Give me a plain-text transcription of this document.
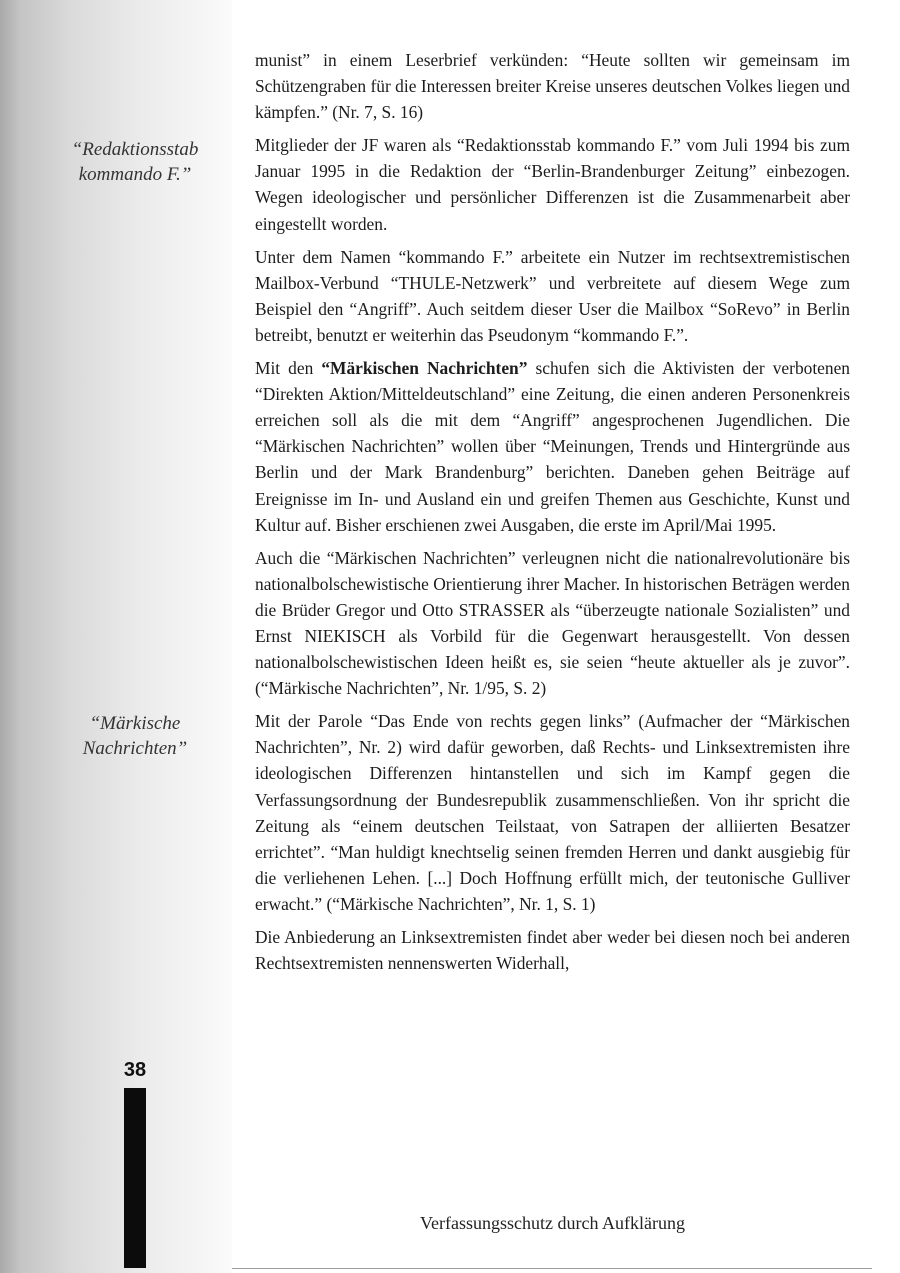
“Redaktionsstab
kommando F.”
“Märkische
Nachrichten”
38

munist” in einem Leserbrief verkünden: “Heute sollten wir gemeinsam im Schützengraben für die Interessen breiter Kreise unseres deutschen Volkes liegen und kämpfen.” (Nr. 7, S. 16)

Mitglieder der JF waren als “Redaktionsstab kommando F.” vom Juli 1994 bis zum Januar 1995 in die Redaktion der “Berlin-Brandenburger Zeitung” einbezogen. Wegen ideologischer und persönlicher Differenzen ist die Zusammenarbeit aber eingestellt worden.

Unter dem Namen “kommando F.” arbeitete ein Nutzer im rechtsextremistischen Mailbox-Verbund “THULE-Netzwerk” und verbreitete auf diesem Wege zum Beispiel den “Angriff”. Auch seitdem dieser User die Mailbox “SoRevo” in Berlin betreibt, benutzt er weiterhin das Pseudonym “kommando F.”.

Mit den “Märkischen Nachrichten” schufen sich die Aktivisten der verbotenen “Direkten Aktion/Mitteldeutschland” eine Zeitung, die einen anderen Personenkreis erreichen soll als die mit dem “Angriff” angesprochenen Jugendlichen. Die “Märkischen Nachrichten” wollen über “Meinungen, Trends und Hintergründe aus Berlin und der Mark Brandenburg” berichten. Daneben gehen Beiträge auf Ereignisse im In- und Ausland ein und greifen Themen aus Geschichte, Kunst und Kultur auf. Bisher erschienen zwei Ausgaben, die erste im April/Mai 1995.

Auch die “Märkischen Nachrichten” verleugnen nicht die nationalrevolutionäre bis nationalbolschewistische Orientierung ihrer Macher. In historischen Beträgen werden die Brüder Gregor und Otto STRASSER als “überzeugte nationale Sozialisten” und Ernst NIEKISCH als Vorbild für die Gegenwart herausgestellt. Von dessen nationalbolschewistischen Ideen heißt es, sie seien “heute aktueller als je zuvor”. (“Märkische Nachrichten”, Nr. 1/95, S. 2)

Mit der Parole “Das Ende von rechts gegen links” (Aufmacher der “Märkischen Nachrichten”, Nr. 2) wird dafür geworben, daß Rechts- und Linksextremisten ihre ideologischen Differenzen hintanstellen und sich im Kampf gegen die Verfassungsordnung der Bundesrepublik zusammenschließen. Von ihr spricht die Zeitung als “einem deutschen Teilstaat, von Satrapen der alliierten Besatzer errichtet”. “Man huldigt knechtselig seinen fremden Herren und dankt ausgiebig für die verliehenen Lehen. [...] Doch Hoffnung erfüllt mich, der teutonische Gulliver erwacht.” (“Märkische Nachrichten”, Nr. 1, S. 1)

Die Anbiederung an Linksextremisten findet aber weder bei diesen noch bei anderen Rechtsextremisten nennenswerten Widerhall,

Verfassungsschutz durch Aufklärung
